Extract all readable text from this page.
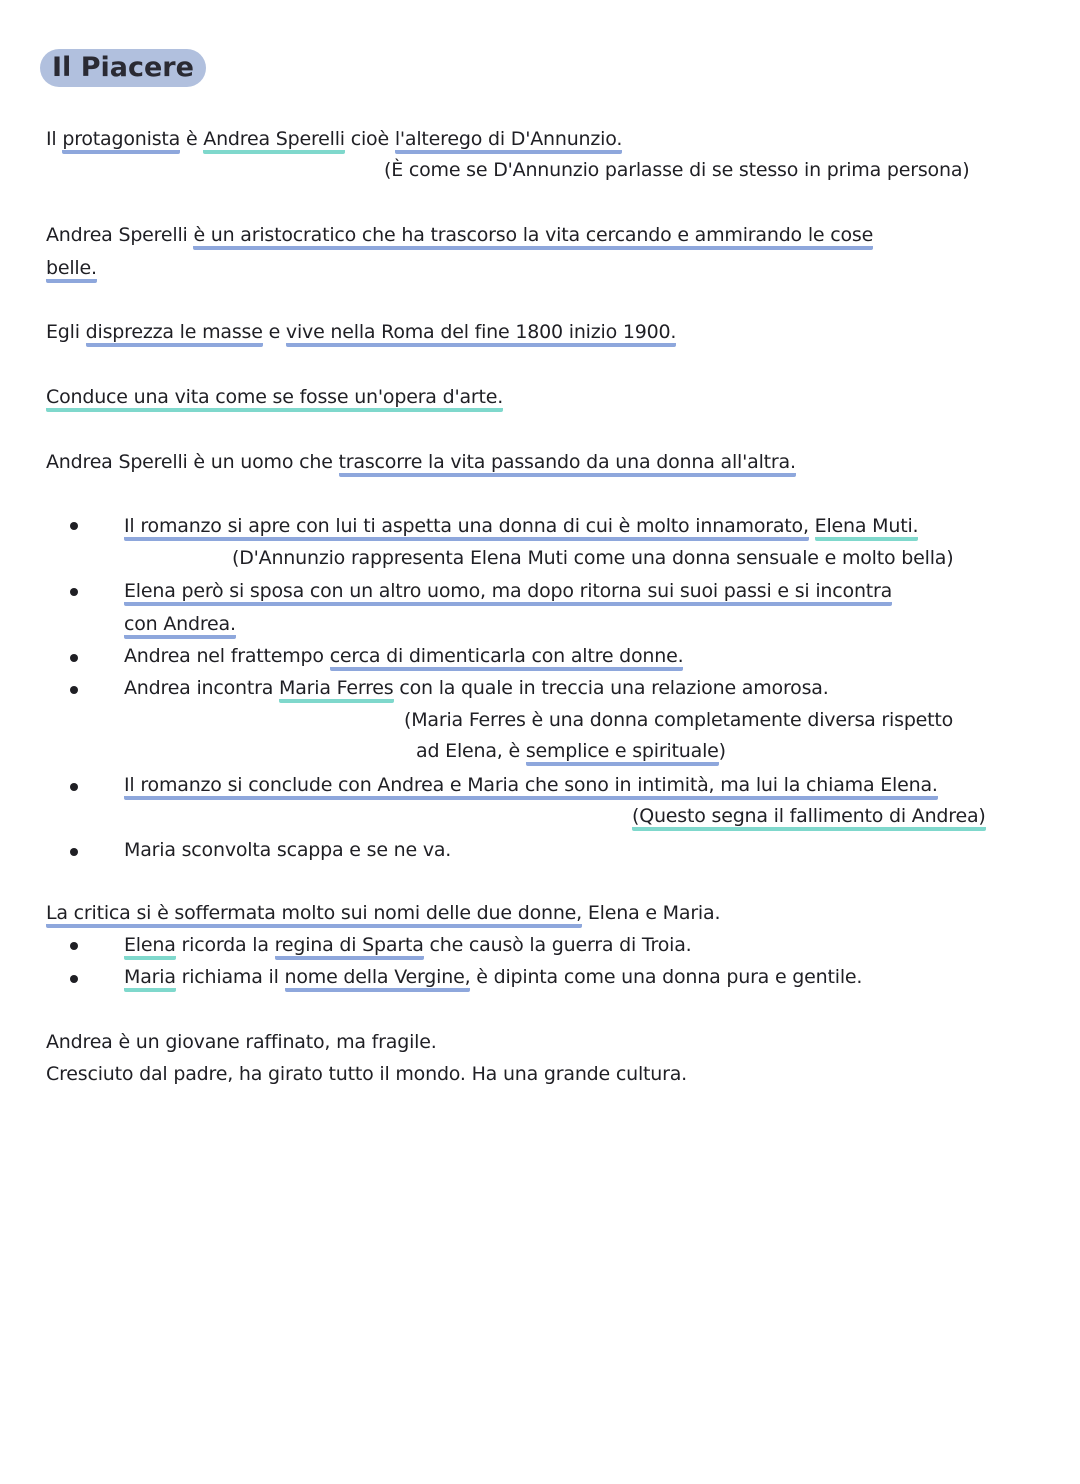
Il Piacere
Il protagonista è Andrea Sperelli cioè l'alterego di D'Annunzio.
(È come se D'Annunzio parlasse di se stesso in prima persona)
Andrea Sperelli è un aristocratico che ha trascorso la vita cercando e ammirando le cose
belle.
Egli disprezza le masse e vive nella Roma del fine 1800 inizio 1900.
Conduce una vita come se fosse un'opera d'arte.
Andrea Sperelli è un uomo che trascorre la vita passando da una donna all'altra.
Il romanzo si apre con lui ti aspetta una donna di cui è molto innamorato, Elena Muti.
(D'Annunzio rappresenta Elena Muti come una donna sensuale e molto bella)
Elena però si sposa con un altro uomo, ma dopo ritorna sui suoi passi e si incontra
con Andrea.
Andrea nel frattempo cerca di dimenticarla con altre donne.
Andrea incontra Maria Ferres con la quale in treccia una relazione amorosa.
(Maria Ferres è una donna completamente diversa rispetto
ad Elena, è semplice e spirituale)
Il romanzo si conclude con Andrea e Maria che sono in intimità, ma lui la chiama Elena.
(Questo segna il fallimento di Andrea)
Maria sconvolta scappa e se ne va.
La critica si è soffermata molto sui nomi delle due donne, Elena e Maria.
Elena ricorda la regina di Sparta che causò la guerra di Troia.
Maria richiama il nome della Vergine, è dipinta come una donna pura e gentile.
Andrea è un giovane raffinato, ma fragile.
Cresciuto dal padre, ha girato tutto il mondo. Ha una grande cultura.
